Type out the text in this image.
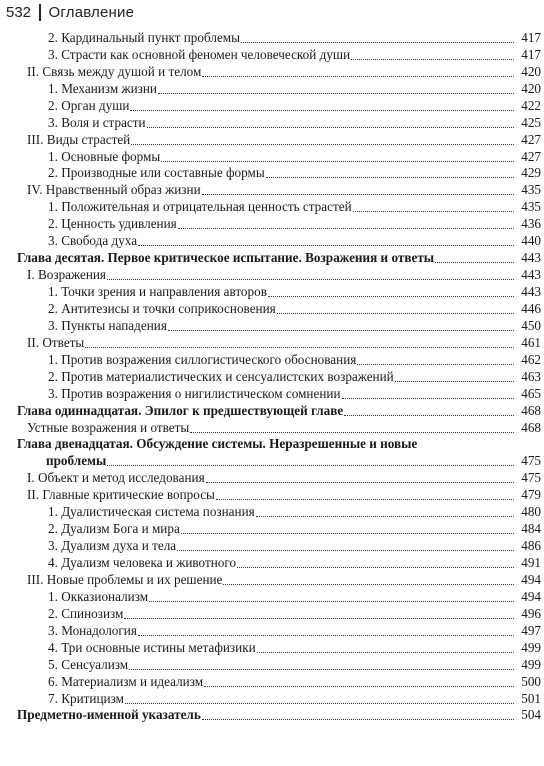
532 Оглавление
2. Кардинальный пункт проблемы	417
3. Страсти как основной феномен человеческой души	417
II. Связь между душой и телом	420
1. Механизм жизни	420
2. Орган души	422
3. Воля и страсти	425
III. Виды страстей	427
1. Основные формы	427
2. Производные или составные формы	429
IV. Нравственный образ жизни	435
1. Положительная и отрицательная ценность страстей	435
2. Ценность удивления	436
3. Свобода духа	440
Глава десятая. Первое критическое испытание. Возражения и ответы	443
I. Возражения	443
1. Точки зрения и направления авторов	443
2. Антитезисы и точки соприкосновения	446
3. Пункты нападения	450
II. Ответы	461
1. Против возражения силлогистического обоснования	462
2. Против материалистических и сенсуалистских возражений	463
3. Против возражения о нигилистическом сомнении	465
Глава одиннадцатая. Эпилог к предшествующей главе	468
Устные возражения и ответы	468
Глава двенадцатая. Обсуждение системы. Неразрешенные и новые
проблемы	475
I. Объект и метод исследования	475
II. Главные критические вопросы	479
1. Дуалистическая система познания	480
2. Дуализм Бога и мира	484
3. Дуализм духа и тела	486
4. Дуализм человека и животного	491
III. Новые проблемы и их решение	494
1. Окказионализм	494
2. Спинозизм	496
3. Монадология	497
4. Три основные истины метафизики	499
5. Сенсуализм	499
6. Материализм и идеализм	500
7. Критицизм	501
Предметно-именной указатель	504
